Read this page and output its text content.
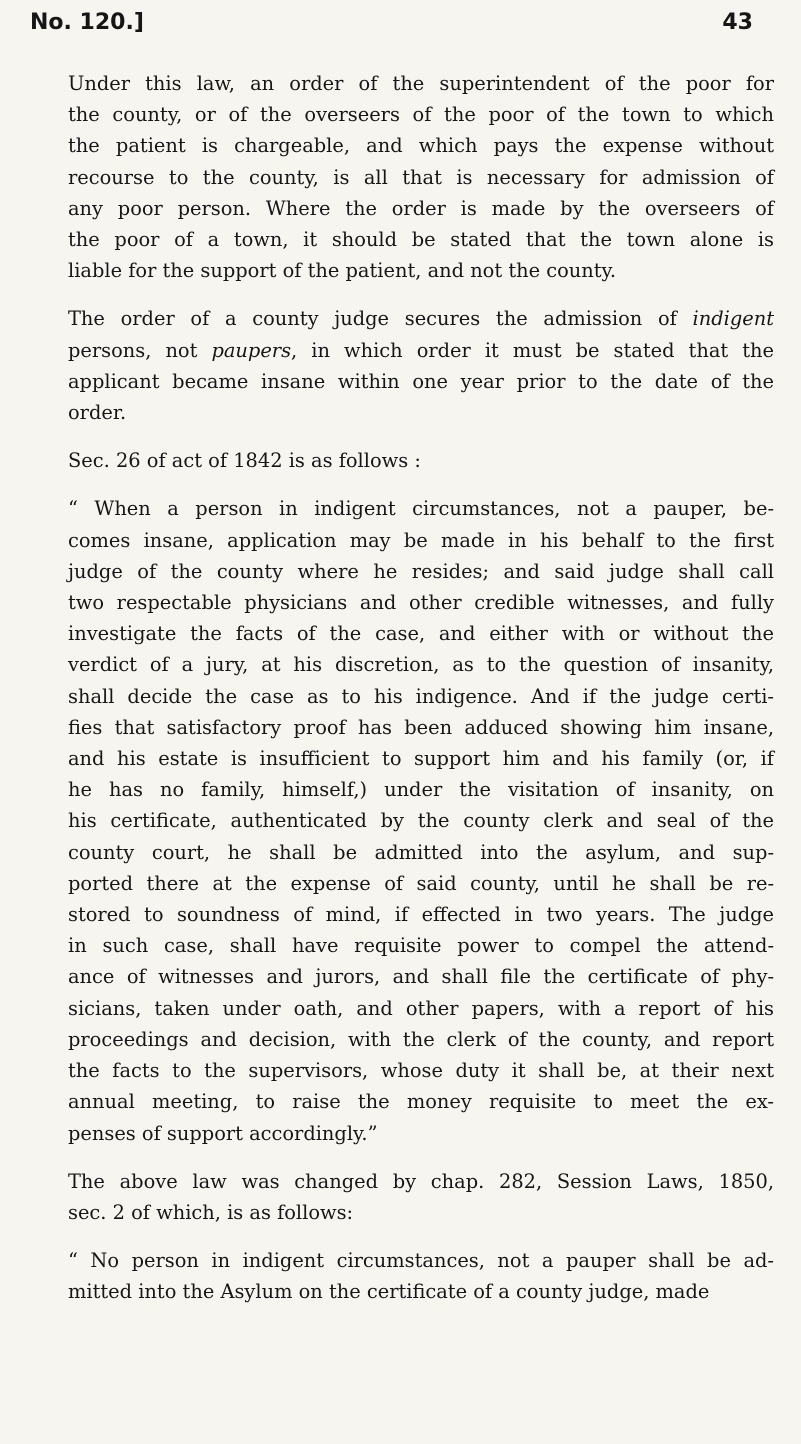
No. 120.]	43
Under this law, an order of the superintendent of the poor for
the county, or of the overseers of the poor of the town to which
the patient is chargeable, and which pays the expense without
recourse to the county, is all that is necessary for admission of
any poor person. Where the order is made by the overseers of
the poor of a town, it should be stated that the town alone is
liable for the support of the patient, and not the county.
The order of a county judge secures the admission of indigent
persons, not paupers, in which order it must be stated that the
applicant became insane within one year prior to the date of the
order.
Sec. 26 of act of 1842 is as follows :
“ When a person in indigent circumstances, not a pauper, be-
comes insane, application may be made in his behalf to the first
judge of the county where he resides; and said judge shall call
two respectable physicians and other credible witnesses, and fully
investigate the facts of the case, and either with or without the
verdict of a jury, at his discretion, as to the question of insanity,
shall decide the case as to his indigence. And if the judge certi-
fies that satisfactory proof has been adduced showing him insane,
and his estate is insufficient to support him and his family (or, if
he has no family, himself,) under the visitation of insanity, on
his certificate, authenticated by the county clerk and seal of the
county court, he shall be admitted into the asylum, and sup-
ported there at the expense of said county, until he shall be re-
stored to soundness of mind, if effected in two years. The judge
in such case, shall have requisite power to compel the attend-
ance of witnesses and jurors, and shall file the certificate of phy-
sicians, taken under oath, and other papers, with a report of his
proceedings and decision, with the clerk of the county, and report
the facts to the supervisors, whose duty it shall be, at their next
annual meeting, to raise the money requisite to meet the ex-
penses of support accordingly.”
The above law was changed by chap. 282, Session Laws, 1850,
sec. 2 of which, is as follows:
“ No person in indigent circumstances, not a pauper shall be ad-
mitted into the Asylum on the certificate of a county judge, made
